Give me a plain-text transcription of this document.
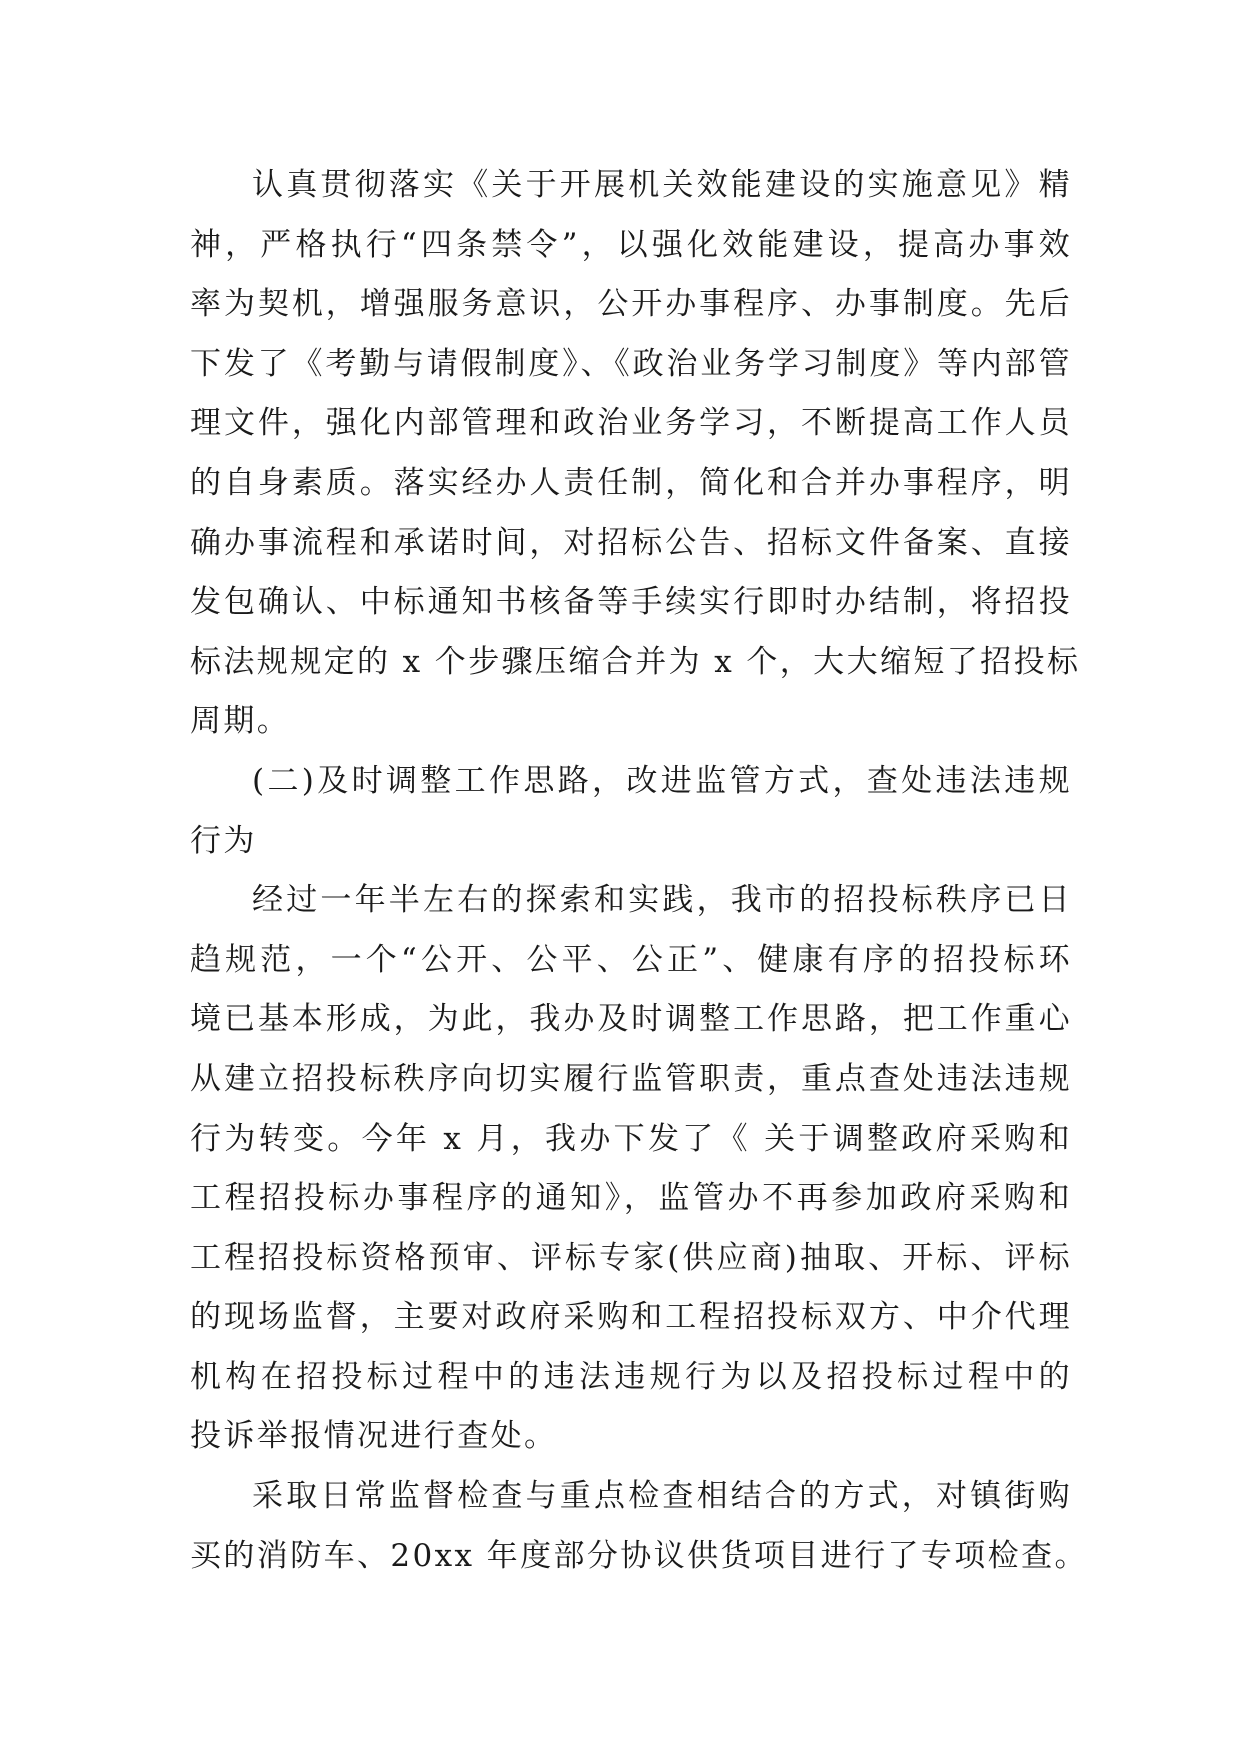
认真贯彻落实《关于开展机关效能建设的实施意见》精
神，严格执行“四条禁令”，以强化效能建设，提高办事效
率为契机，增强服务意识，公开办事程序、办事制度。先后
下发了《考勤与请假制度》、《政治业务学习制度》等内部管
理文件，强化内部管理和政治业务学习，不断提高工作人员
的自身素质。落实经办人责任制，简化和合并办事程序，明
确办事流程和承诺时间，对招标公告、招标文件备案、直接
发包确认、中标通知书核备等手续实行即时办结制，将招投
标法规规定的 x 个步骤压缩合并为 x 个，大大缩短了招投标
周期。

(二)及时调整工作思路，改进监管方式，查处违法违规
行为

经过一年半左右的探索和实践，我市的招投标秩序已日
趋规范，一个“公开、公平、公正”、健康有序的招投标环
境已基本形成，为此，我办及时调整工作思路，把工作重心
从建立招投标秩序向切实履行监管职责，重点查处违法违规
行为转变。今年 x 月，我办下发了《 关于调整政府采购和
工程招投标办事程序的通知》，监管办不再参加政府采购和
工程招投标资格预审、评标专家(供应商)抽取、开标、评标
的现场监督，主要对政府采购和工程招投标双方、中介代理
机构在招投标过程中的违法违规行为以及招投标过程中的
投诉举报情况进行查处。

采取日常监督检查与重点检查相结合的方式，对镇街购
买的消防车、20xx 年度部分协议供货项目进行了专项检查。
